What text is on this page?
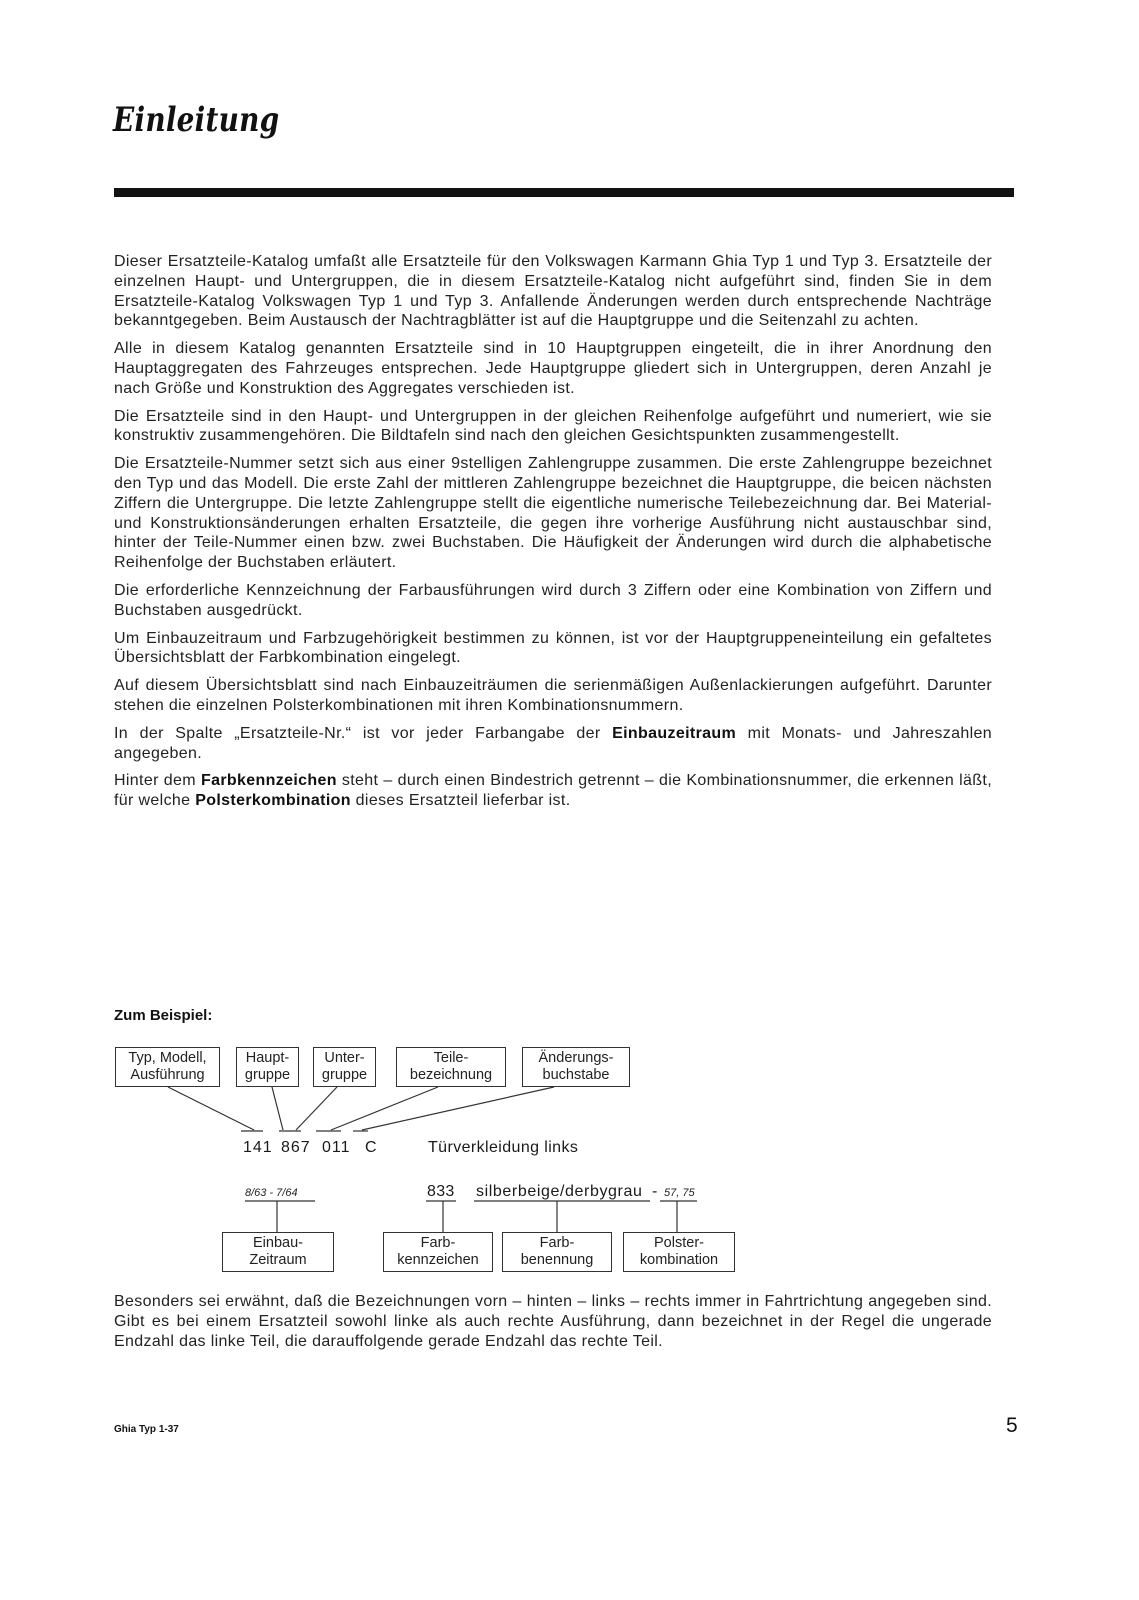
Einleitung

Dieser Ersatzteile-Katalog umfaßt alle Ersatzteile für den Volkswagen Karmann Ghia Typ 1 und Typ 3. Ersatzteile der einzelnen Haupt- und Untergruppen, die in diesem Ersatzteile-Katalog nicht aufgeführt sind, finden Sie in dem Ersatzteile-Katalog Volkswagen Typ 1 und Typ 3. Anfallende Änderungen werden durch entsprechende Nachträge bekanntgegeben. Beim Austausch der Nachtragblätter ist auf die Hauptgruppe und die Seitenzahl zu achten.

Alle in diesem Katalog genannten Ersatzteile sind in 10 Hauptgruppen eingeteilt, die in ihrer Anordnung den Hauptaggregaten des Fahrzeuges entsprechen. Jede Hauptgruppe gliedert sich in Untergruppen, deren Anzahl je nach Größe und Konstruktion des Aggregates verschieden ist.

Die Ersatzteile sind in den Haupt- und Untergruppen in der gleichen Reihenfolge aufgeführt und numeriert, wie sie konstruktiv zusammengehören. Die Bildtafeln sind nach den gleichen Gesichtspunkten zusammengestellt.

Die Ersatzteile-Nummer setzt sich aus einer 9stelligen Zahlengruppe zusammen. Die erste Zahlengruppe bezeichnet den Typ und das Modell. Die erste Zahl der mittleren Zahlengruppe bezeichnet die Hauptgruppe, die beicen nächsten Ziffern die Untergruppe. Die letzte Zahlengruppe stellt die eigentliche numerische Teilebezeichnung dar. Bei Material- und Konstruktionsänderungen erhalten Ersatzteile, die gegen ihre vorherige Ausführung nicht austauschbar sind, hinter der Teile-Nummer einen bzw. zwei Buchstaben. Die Häufigkeit der Änderungen wird durch die alphabetische Reihenfolge der Buchstaben erläutert.

Die erforderliche Kennzeichnung der Farbausführungen wird durch 3 Ziffern oder eine Kombination von Ziffern und Buchstaben ausgedrückt.

Um Einbauzeitraum und Farbzugehörigkeit bestimmen zu können, ist vor der Hauptgruppeneinteilung ein gefaltetes Übersichtsblatt der Farbkombination eingelegt.

Auf diesem Übersichtsblatt sind nach Einbauzeiträumen die serienmäßigen Außenlackierungen aufgeführt. Darunter stehen die einzelnen Polsterkombinationen mit ihren Kombinationsnummern.

In der Spalte „Ersatzteile-Nr.“ ist vor jeder Farbangabe der Einbauzeitraum mit Monats- und Jahreszahlen angegeben.

Hinter dem Farbkennzeichen steht – durch einen Bindestrich getrennt – die Kombinationsnummer, die erkennen läßt, für welche Polsterkombination dieses Ersatzteil lieferbar ist.

Zum Beispiel:
Typ, Modell,
Ausführung
Haupt-
gruppe
Unter-
gruppe
Teile-
bezeichnung
Änderungs-
buchstabe
141 867 011 C	Türverkleidung links
8/63 - 7/64	833 silberbeige/derbygrau - 57, 75
Einbau-
Zeitraum
Farb-
kennzeichen
Farb-
benennung
Polster-
kombination

Besonders sei erwähnt, daß die Bezeichnungen vorn – hinten – links – rechts immer in Fahrtrichtung angegeben sind. Gibt es bei einem Ersatzteil sowohl linke als auch rechte Ausführung, dann bezeichnet in der Regel die ungerade Endzahl das linke Teil, die darauffolgende gerade Endzahl das rechte Teil.

Ghia Typ 1-37	5
